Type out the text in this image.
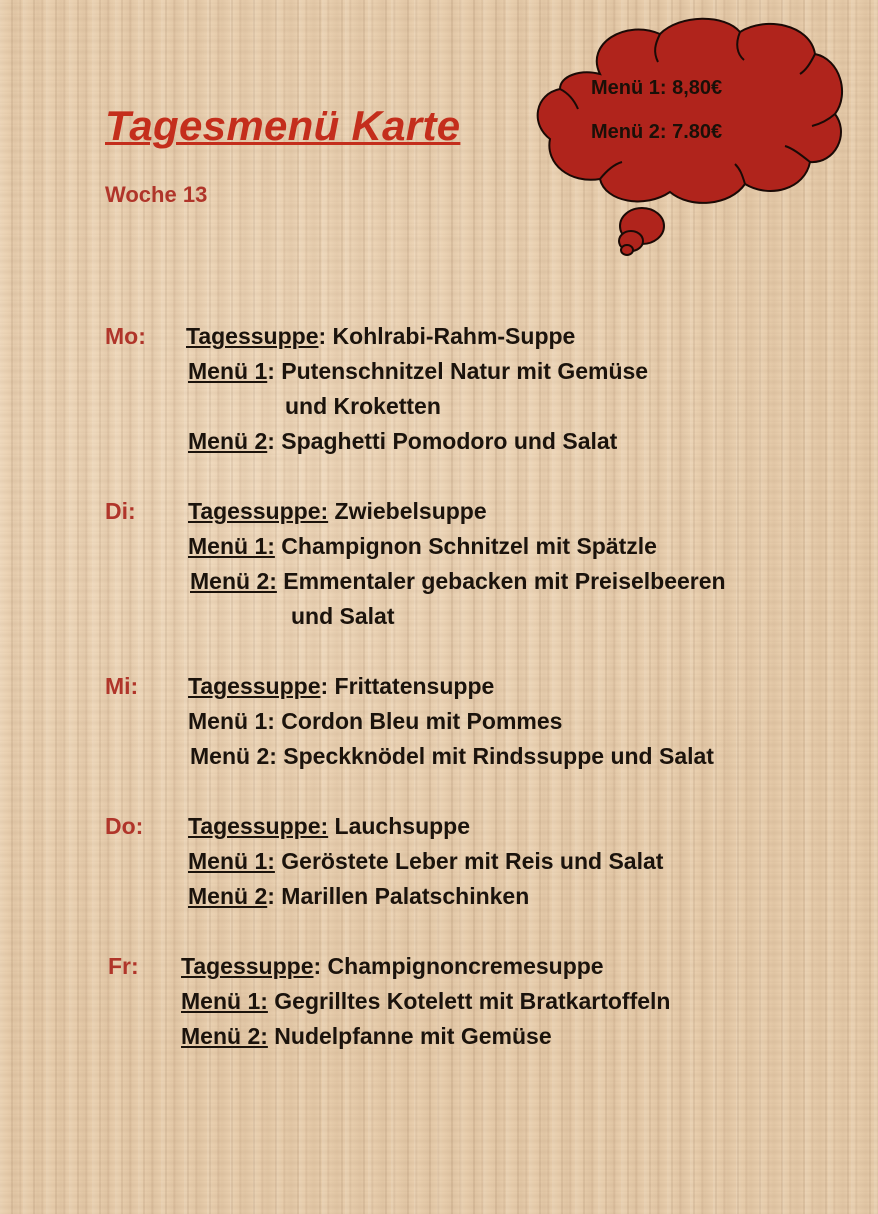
Tagesmenü Karte
Woche 13
Menü 1: 8,80€
Menü 2: 7.80€
Mo: Tagessuppe: Kohlrabi-Rahm-Suppe
Menü 1: Putenschnitzel Natur mit Gemüse
und Kroketten
Menü 2: Spaghetti Pomodoro und Salat
Di: Tagessuppe: Zwiebelsuppe
Menü 1: Champignon Schnitzel mit Spätzle
Menü 2: Emmentaler gebacken mit Preiselbeeren
und Salat
Mi: Tagessuppe: Frittatensuppe
Menü 1: Cordon Bleu mit Pommes
Menü 2: Speckknödel mit Rindssuppe und Salat
Do: Tagessuppe: Lauchsuppe
Menü 1: Geröstete Leber mit Reis und Salat
Menü 2: Marillen Palatschinken
Fr: Tagessuppe: Champignoncremesuppe
Menü 1: Gegrilltes Kotelett mit Bratkartoffeln
Menü 2: Nudelpfanne mit Gemüse
